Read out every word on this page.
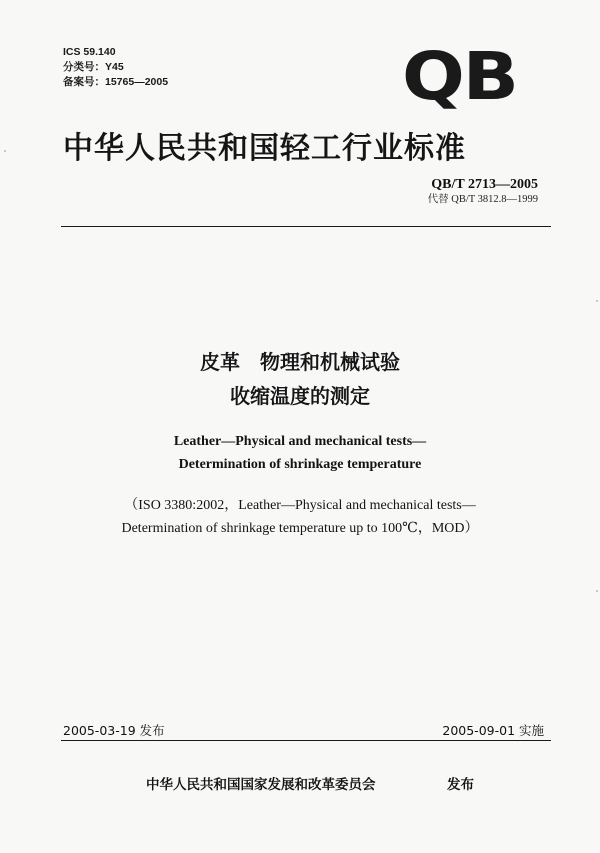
ICS 59.140
分类号：Y45
备案号：15765—2005	QB
中华人民共和国轻工行业标准
QB/T 2713—2005
代替 QB/T 3812.8—1999
皮革　物理和机械试验
收缩温度的测定
Leather—Physical and mechanical tests—
Determination of shrinkage temperature
（ISO 3380:2002，Leather—Physical and mechanical tests—
Determination of shrinkage temperature up to 100℃，MOD）
2005-03-19 发布	2005-09-01 实施
中华人民共和国国家发展和改革委员会	发布
